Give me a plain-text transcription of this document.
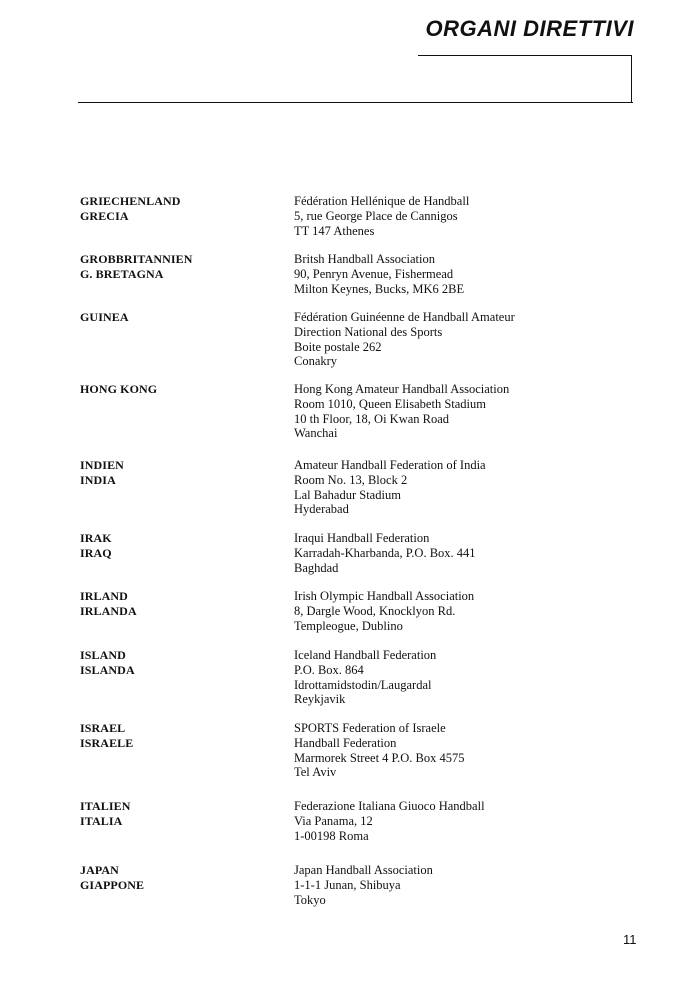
ORGANI DIRETTIVI
GRIECHENLAND
GRECIA
Fédération Hellénique de Handball
5, rue George Place de Cannigos
TT 147 Athenes
GROBBRITANNIEN
G. BRETAGNA
Britsh Handball Association
90, Penryn Avenue, Fishermead
Milton Keynes, Bucks, MK6 2BE
GUINEA	Fédération Guinéenne de Handball Amateur
Direction National des Sports
Boite postale 262
Conakry
HONG KONG	Hong Kong Amateur Handball Association
Room 1010, Queen Elisabeth Stadium
10 th Floor, 18, Oi Kwan Road
Wanchai
INDIEN
INDIA
Amateur Handball Federation of India
Room No. 13, Block 2
Lal Bahadur Stadium
Hyderabad
IRAK
IRAQ
Iraqui Handball Federation
Karradah-Kharbanda, P.O. Box. 441
Baghdad
IRLAND
IRLANDA
Irish Olympic Handball Association
8, Dargle Wood, Knocklyon Rd.
Templeogue, Dublino
ISLAND
ISLANDA
Iceland Handball Federation
P.O. Box. 864
Idrottamidstodin/Laugardal
Reykjavik
ISRAEL
ISRAELE
SPORTS Federation of Israele
Handball Federation
Marmorek Street 4 P.O. Box 4575
Tel Aviv
ITALIEN
ITALIA
Federazione Italiana Giuoco Handball
Via Panama, 12
1-00198 Roma
JAPAN
GIAPPONE
Japan Handball Association
1-1-1 Junan, Shibuya
Tokyo
11
